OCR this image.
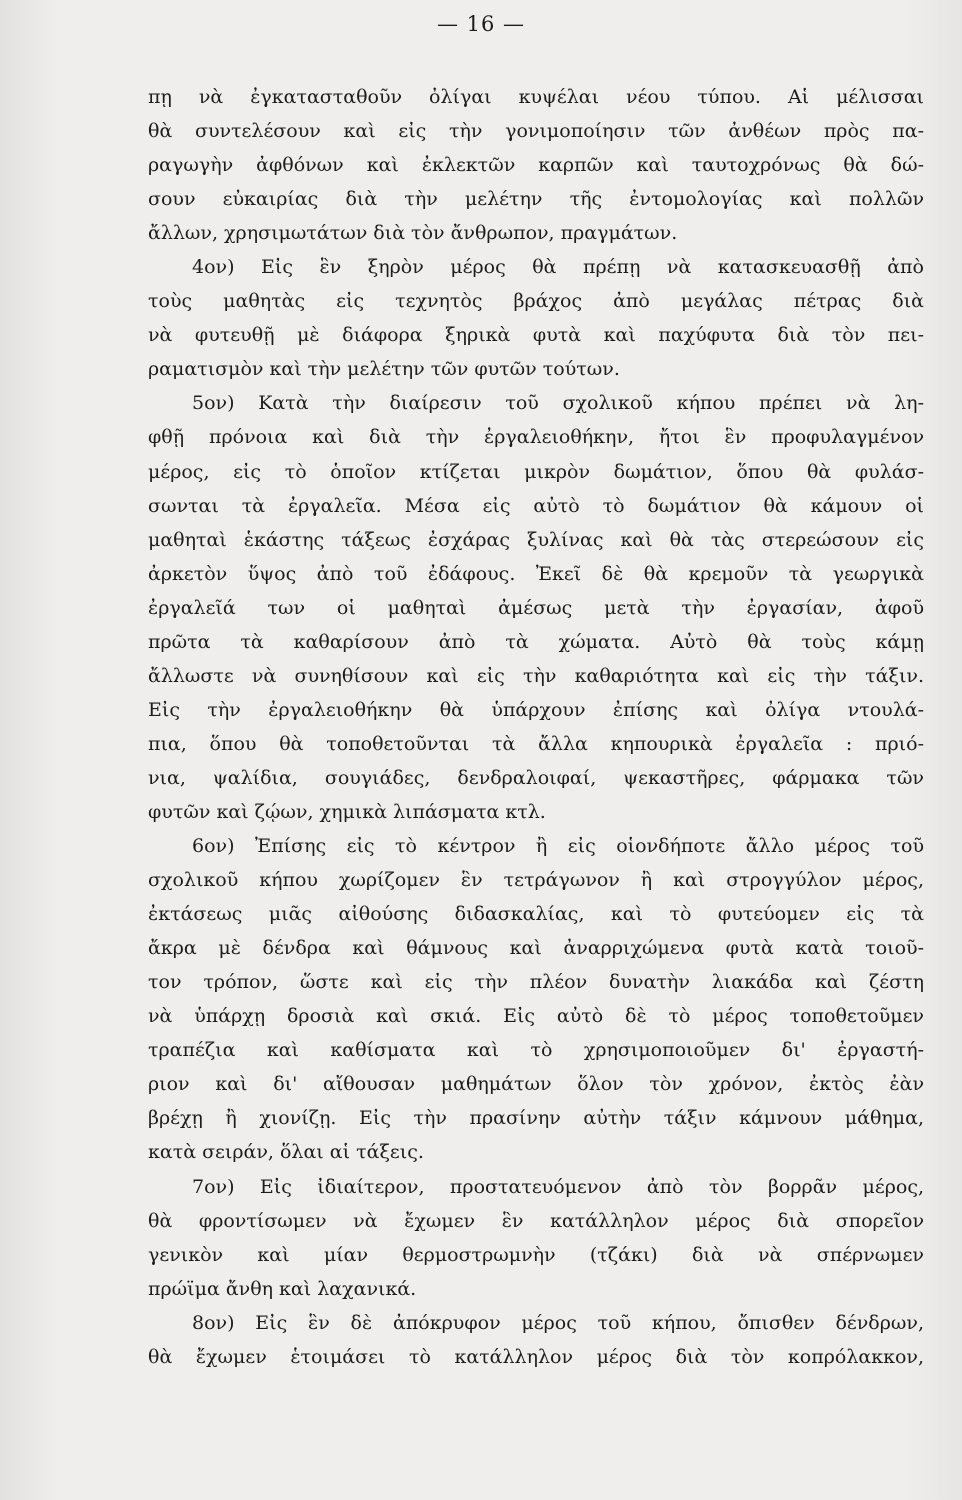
— 16 —
πῃ νὰ ἐγκατασταθοῦν ὀλίγαι κυψέλαι νέου τύπου. Αἱ μέλισσαι
θὰ συντελέσουν καὶ εἰς τὴν γονιμοποίησιν τῶν ἀνθέων πρὸς πα-
ραγωγὴν ἀφθόνων καὶ ἐκλεκτῶν καρπῶν καὶ ταυτοχρόνως θὰ δώ-
σουν εὐκαιρίας διὰ τὴν μελέτην τῆς ἐντομολογίας καὶ πολλῶν
ἄλλων, χρησιμωτάτων διὰ τὸν ἄνθρωπον, πραγμάτων.
4ον) Εἰς ἓν ξηρὸν μέρος θὰ πρέπῃ νὰ κατασκευασθῇ ἀπὸ
τοὺς μαθητὰς εἰς τεχνητὸς βράχος ἀπὸ μεγάλας πέτρας διὰ
νὰ φυτευθῇ μὲ διάφορα ξηρικὰ φυτὰ καὶ παχύφυτα διὰ τὸν πει-
ραματισμὸν καὶ τὴν μελέτην τῶν φυτῶν τούτων.
5ον) Κατὰ τὴν διαίρεσιν τοῦ σχολικοῦ κήπου πρέπει νὰ λη-
φθῇ πρόνοια καὶ διὰ τὴν ἐργαλειοθήκην, ἤτοι ἓν προφυλαγμένον
μέρος, εἰς τὸ ὁποῖον κτίζεται μικρὸν δωμάτιον, ὅπου θὰ φυλάσ-
σωνται τὰ ἐργαλεῖα. Μέσα εἰς αὐτὸ τὸ δωμάτιον θὰ κάμουν οἱ
μαθηταὶ ἑκάστης τάξεως ἐσχάρας ξυλίνας καὶ θὰ τὰς στερεώσουν εἰς
ἀρκετὸν ὕψος ἀπὸ τοῦ ἐδάφους. Ἐκεῖ δὲ θὰ κρεμοῦν τὰ γεωργικὰ
ἐργαλεῖά των οἱ μαθηταὶ ἀμέσως μετὰ τὴν ἐργασίαν, ἀφοῦ
πρῶτα τὰ καθαρίσουν ἀπὸ τὰ χώματα. Αὐτὸ θὰ τοὺς κάμῃ
ἄλλωστε νὰ συνηθίσουν καὶ εἰς τὴν καθαριότητα καὶ εἰς τὴν τάξιν.
Εἰς τὴν ἐργαλειοθήκην θὰ ὑπάρχουν ἐπίσης καὶ ὀλίγα ντουλά-
πια, ὅπου θὰ τοποθετοῦνται τὰ ἄλλα κηπουρικὰ ἐργαλεῖα : πριό-
νια, ψαλίδια, σουγιάδες, δενδραλοιφαί, ψεκαστῆρες, φάρμακα τῶν
φυτῶν καὶ ζῴων, χημικὰ λιπάσματα κτλ.
6ον) Ἐπίσης εἰς τὸ κέντρον ἢ εἰς οἱονδήποτε ἄλλο μέρος τοῦ
σχολικοῦ κήπου χωρίζομεν ἓν τετράγωνον ἢ καὶ στρογγύλον μέρος,
ἐκτάσεως μιᾶς αἰθούσης διδασκαλίας, καὶ τὸ φυτεύομεν εἰς τὰ
ἄκρα μὲ δένδρα καὶ θάμνους καὶ ἀναρριχώμενα φυτὰ κατὰ τοιοῦ-
τον τρόπον, ὥστε καὶ εἰς τὴν πλέον δυνατὴν λιακάδα καὶ ζέστη
νὰ ὑπάρχῃ δροσιὰ καὶ σκιά. Εἰς αὐτὸ δὲ τὸ μέρος τοποθετοῦμεν
τραπέζια καὶ καθίσματα καὶ τὸ χρησιμοποιοῦμεν δι' ἐργαστή-
ριον καὶ δι' αἴθουσαν μαθημάτων ὅλον τὸν χρόνον, ἐκτὸς ἐὰν
βρέχῃ ἢ χιονίζῃ. Εἰς τὴν πρασίνην αὐτὴν τάξιν κάμνουν μάθημα,
κατὰ σειράν, ὅλαι αἱ τάξεις.
7ον) Εἰς ἰδιαίτερον, προστατευόμενον ἀπὸ τὸν βορρᾶν μέρος,
θὰ φροντίσωμεν νὰ ἔχωμεν ἓν κατάλληλον μέρος διὰ σπορεῖον
γενικὸν καὶ μίαν θερμοστρωμνὴν (τζάκι) διὰ νὰ σπέρνωμεν
πρώϊμα ἄνθη καὶ λαχανικά.
8ον) Εἰς ἓν δὲ ἀπόκρυφον μέρος τοῦ κήπου, ὄπισθεν δένδρων,
θὰ ἔχωμεν ἑτοιμάσει τὸ κατάλληλον μέρος διὰ τὸν κοπρόλακκον,
